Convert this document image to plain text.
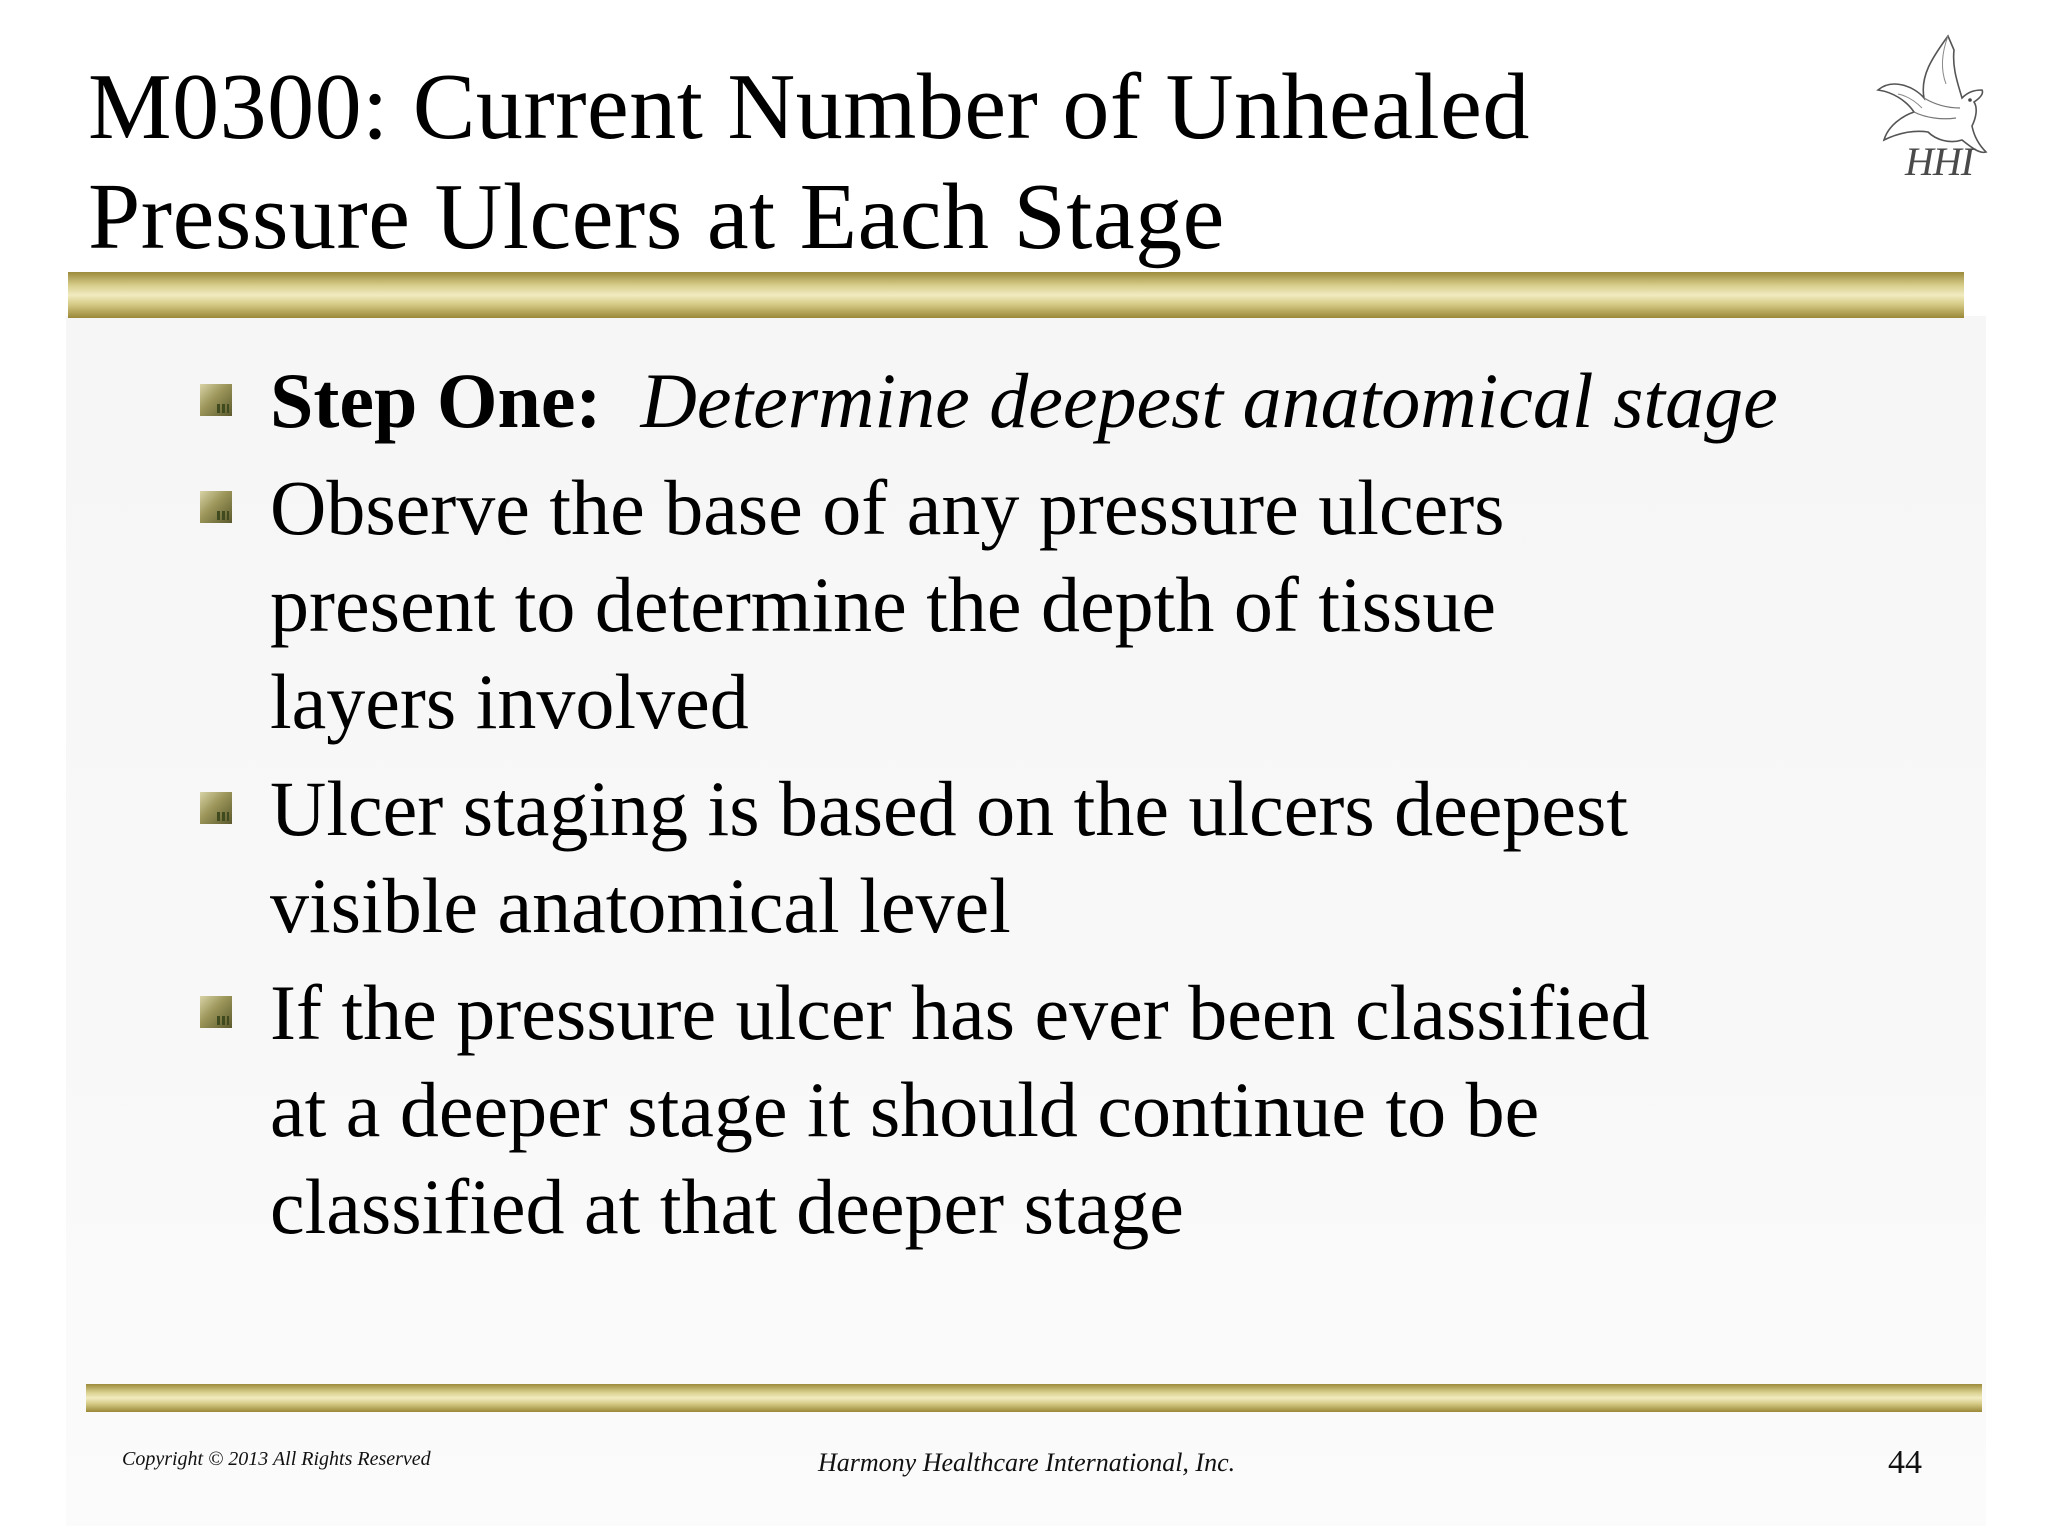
M0300: Current Number of Unhealed
Pressure Ulcers at Each Stage
HHI
Step One: Determine deepest anatomical stage
Observe the base of any pressure ulcers
present to determine the depth of tissue
layers involved
Ulcer staging is based on the ulcers deepest
visible anatomical level
If the pressure ulcer has ever been classified
at a deeper stage it should continue to be
classified at that deeper stage
Copyright © 2013 All Rights Reserved	Harmony Healthcare International, Inc.	44
